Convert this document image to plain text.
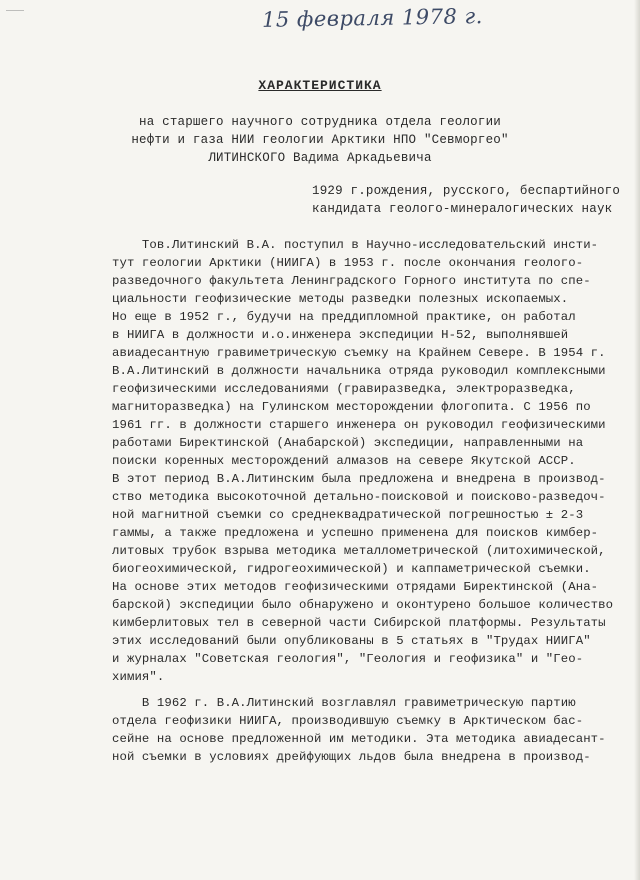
15 февраля 1978 г.
ХАРАКТЕРИСТИКА
на старшего научного сотрудника отдела геологии
нефти и газа НИИ геологии Арктики НПО "Севморгео"
ЛИТИНСКОГО Вадима Аркадьевича
1929 г.рождения, русского, беспартийного
кандидата геолого-минералогических наук
Тов.Литинский В.А. поступил в Научно-исследовательский инсти-
тут геологии Арктики (НИИГА) в 1953 г. после окончания геолого-
разведочного факультета Ленинградского Горного института по спе-
циальности геофизические методы разведки полезных ископаемых.
Но еще в 1952 г., будучи на преддипломной практике, он работал
в НИИГА в должности и.о.инженера экспедиции Н-52, выполнявшей
авиадесантную гравиметрическую съемку на Крайнем Севере. В 1954 г.
В.А.Литинский в должности начальника отряда руководил комплексными
геофизическими исследованиями (гравиразведка, электроразведка,
магниторазведка) на Гулинском месторождении флогопита. С 1956 по
1961 гг. в должности старшего инженера он руководил геофизическими
работами Биректинской (Анабарской) экспедиции, направленными на
поиски коренных месторождений алмазов на севере Якутской АССР.
В этот период В.А.Литинским была предложена и внедрена в производ-
ство методика высокоточной детально-поисковой и поисково-разведоч-
ной магнитной съемки со среднеквадратической погрешностью ± 2-3
гаммы, а также предложена и успешно применена для поисков кимбер-
литовых трубок взрыва методика металлометрической (литохимической,
биогеохимической, гидрогеохимической) и каппаметрической съемки.
На основе этих методов геофизическими отрядами Биректинской (Ана-
барской) экспедиции было обнаружено и оконтурено большое количество
кимберлитовых тел в северной части Сибирской платформы. Результаты
этих исследований были опубликованы в 5 статьях в "Трудах НИИГА"
и журналах "Советская геология", "Геология и геофизика" и "Гео-
химия".
В 1962 г. В.А.Литинский возглавлял гравиметрическую партию
отдела геофизики НИИГА, производившую съемку в Арктическом бас-
сейне на основе предложенной им методики. Эта методика авиадесант-
ной съемки в условиях дрейфующих льдов была внедрена в производ-
